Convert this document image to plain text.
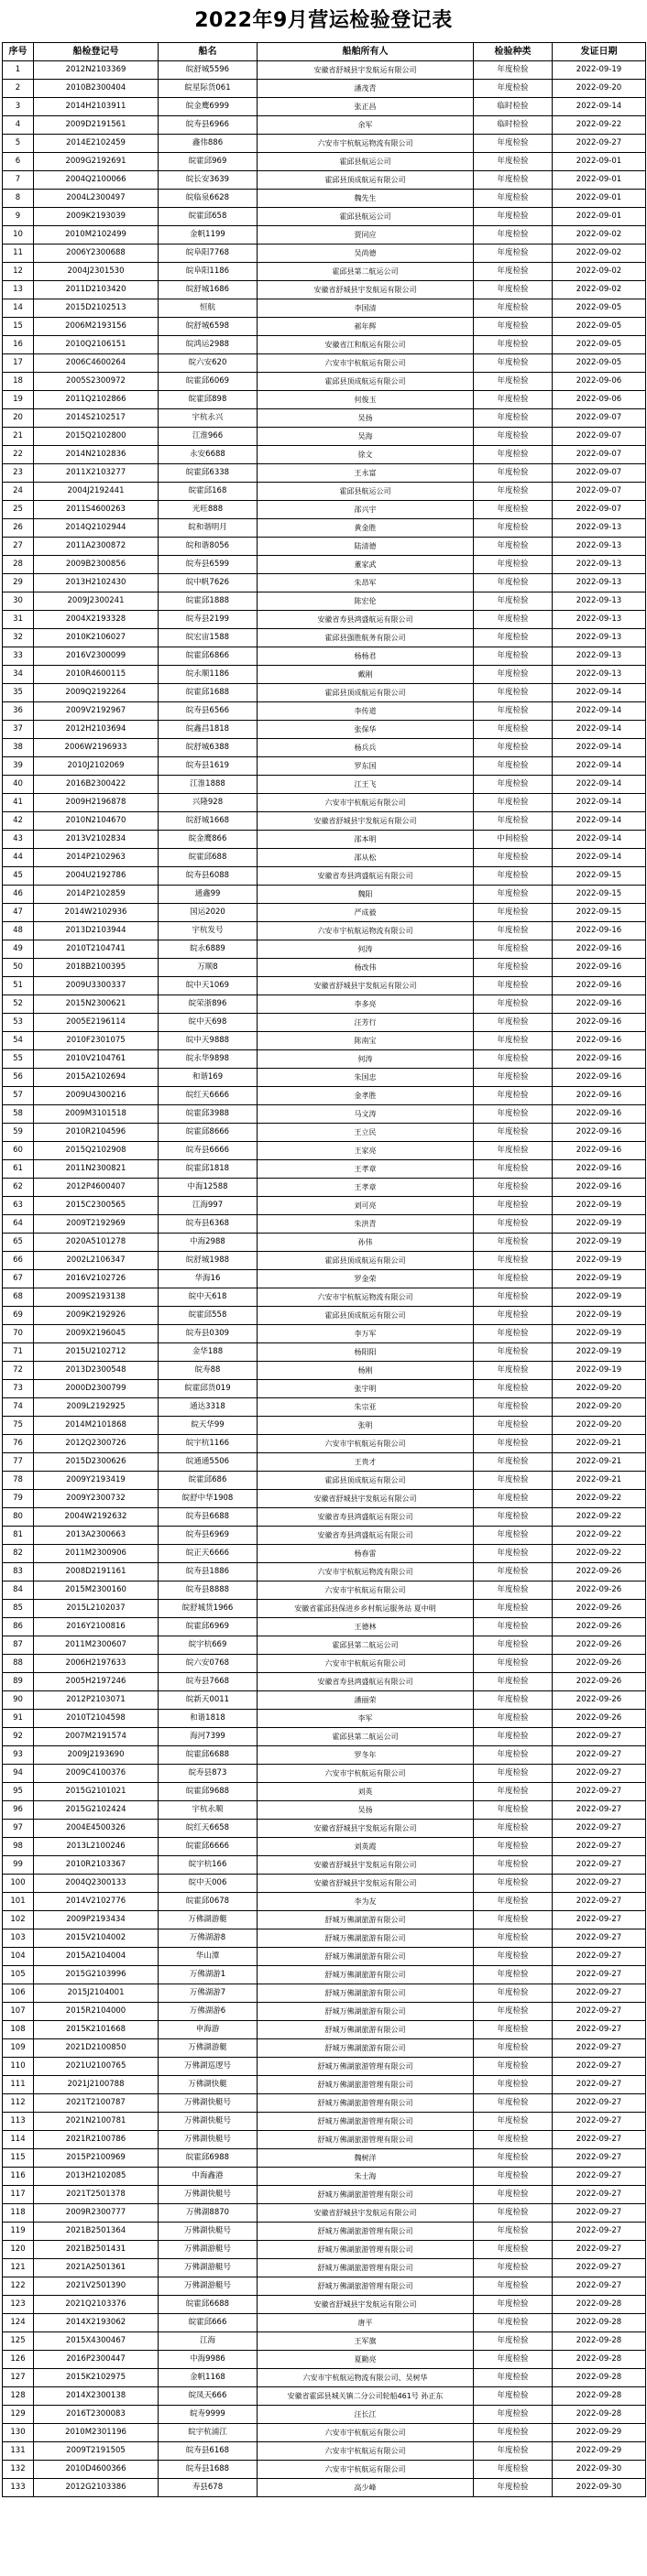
2022年9月营运检验登记表
序号	船检登记号	船名	船舶所有人	检验种类	发证日期
1	2012N2103369	皖舒城5596	安徽省舒城县宇发航运有限公司	年度检验	2022-09-19
2	2010B2300404	皖星际货061	潘茂青	年度检验	2022-09-20
3	2014H2103911	皖金鹰6999	张正昌	临时检验	2022-09-14
4	2009D2191561	皖寿县6966	余军	临时检验	2022-09-22
5	2014E2102459	鑫伟886	六安市宇杭航运物流有限公司	年度检验	2022-09-27
6	2009G2192691	皖霍邱969	霍邱县航运公司	年度检验	2022-09-01
7	2004Q2100066	皖长安3639	霍邱县顶成航运有限公司	年度检验	2022-09-01
8	2004L2300497	皖临泉6628	魏先生	年度检验	2022-09-01
9	2009K2193039	皖霍邱658	霍邱县航运公司	年度检验	2022-09-01
10	2010M2102499	金帆1199	贾同应	年度检验	2022-09-02
11	2006Y2300688	皖阜阳7768	吴尚德	年度检验	2022-09-02
12	2004J2301530	皖阜阳1186	霍邱县第二航运公司	年度检验	2022-09-02
13	2011D2103420	皖舒城1686	安徽省舒城县宇发航运有限公司	年度检验	2022-09-02
14	2015D2102513	恒航	李国清	年度检验	2022-09-05
15	2006M2193156	皖舒城6598	郝年辉	年度检验	2022-09-05
16	2010Q2106151	皖鸿运2988	安徽省江和航运有限公司	年度检验	2022-09-05
17	2006C4600264	皖六安620	六安市宇杭航运有限公司	年度检验	2022-09-05
18	2005S2300972	皖霍邱6069	霍邱县顶成航运有限公司	年度检验	2022-09-06
19	2011Q2102866	皖霍邱898	何俊玉	年度检验	2022-09-06
20	2014S2102517	宇杭永兴	吴扬	年度检验	2022-09-07
21	2015Q2102800	江淮966	吴海	年度检验	2022-09-07
22	2014N2102836	永安6688	徐文	年度检验	2022-09-07
23	2011X2103277	皖霍邱6338	王永富	年度检验	2022-09-07
24	2004J2192441	皖霍邱168	霍邱县航运公司	年度检验	2022-09-07
25	2011S4600263	光旺888	邵兴宇	年度检验	2022-09-07
26	2014Q2102944	皖和谐明月	黄金胜	年度检验	2022-09-13
27	2011A2300872	皖和谐8056	陆清德	年度检验	2022-09-13
28	2009B2300856	皖寿县6599	董家武	年度检验	2022-09-13
29	2013H2102430	皖中帆7626	朱昂军	年度检验	2022-09-13
30	2009J2300241	皖霍邱1888	陈宏伦	年度检验	2022-09-13
31	2004X2193328	皖寿县2199	安徽省寿县鸿盛航运有限公司	年度检验	2022-09-13
32	2010K2106027	皖宏宙1588	霍邱县强胜航务有限公司	年度检验	2022-09-13
33	2016V2300099	皖霍邱6866	杨杨君	年度检验	2022-09-13
34	2010R4600115	皖永顺1186	戴刚	年度检验	2022-09-13
35	2009Q2192264	皖霍邱1688	霍邱县顶成航运有限公司	年度检验	2022-09-14
36	2009V2192967	皖寿县6566	李传道	年度检验	2022-09-14
37	2012H2103694	皖鑫昌1818	张保华	年度检验	2022-09-14
38	2006W2196933	皖舒城6388	杨兵兵	年度检验	2022-09-14
39	2010J2102069	皖寿县1619	罗东国	年度检验	2022-09-14
40	2016B2300422	江淮1888	江王飞	年度检验	2022-09-14
41	2009H2196878	兴隆928	六安市宇杭航运有限公司	年度检验	2022-09-14
42	2010N2104670	皖舒城1668	安徽省舒城县宇发航运有限公司	年度检验	2022-09-14
43	2013V2102834	皖金鹰866	邵本明	中间检验	2022-09-14
44	2014P2102963	皖霍邱688	邵从松	年度检验	2022-09-14
45	2004U2192786	皖寿县6088	安徽省寿县鸿盛航运有限公司	年度检验	2022-09-15
46	2014P2102859	通鑫99	魏阳	年度检验	2022-09-15
47	2014W2102936	国运2020	严成毅	年度检验	2022-09-15
48	2013D2103944	宇杭发号	六安市宇杭航运物流有限公司	年度检验	2022-09-16
49	2010T2104741	皖永6889	何涛	年度检验	2022-09-16
50	2018B2100395	万顺8	杨改伟	年度检验	2022-09-16
51	2009U3300337	皖中天1069	安徽省舒城县宇发航运有限公司	年度检验	2022-09-16
52	2015N2300621	皖荣浙896	李多亮	年度检验	2022-09-16
53	2005E2196114	皖中天698	汪芳行	年度检验	2022-09-16
54	2010F2301075	皖中天9888	陈南宝	年度检验	2022-09-16
55	2010V2104761	皖永华9898	何涛	年度检验	2022-09-16
56	2015A2102694	和谐169	朱国忠	年度检验	2022-09-16
57	2009U4300216	皖红天6666	金孝胜	年度检验	2022-09-16
58	2009M3101518	皖霍邱3988	马文涛	年度检验	2022-09-16
59	2010R2104596	皖霍邱8666	王立民	年度检验	2022-09-16
60	2015Q2102908	皖寿县6666	王家亮	年度检验	2022-09-16
61	2011N2300821	皖霍邱1818	王孝章	年度检验	2022-09-16
62	2012P4600407	中海12588	王孝章	年度检验	2022-09-16
63	2015C2300565	江海997	刘可亮	年度检验	2022-09-19
64	2009T2192969	皖寿县6368	朱洪青	年度检验	2022-09-19
65	2020A5101278	中海2988	孙伟	年度检验	2022-09-19
66	2002L2106347	皖舒城1988	霍邱县顶成航运有限公司	年度检验	2022-09-19
67	2016V2102726	华海16	罗金荣	年度检验	2022-09-19
68	2009S2193138	皖中天618	六安市宇杭航运物流有限公司	年度检验	2022-09-19
69	2009K2192926	皖霍邱558	霍邱县顶成航运有限公司	年度检验	2022-09-19
70	2009X2196045	皖寿县0309	李万军	年度检验	2022-09-19
71	2015U2102712	金华188	杨阳阳	年度检验	2022-09-19
72	2013D2300548	皖寿88	杨刚	年度检验	2022-09-19
73	2000D2300799	皖霍邱货019	张宇明	年度检验	2022-09-20
74	2009L2192925	通达3318	朱宗亚	年度检验	2022-09-20
75	2014M2101868	皖天华99	张明	年度检验	2022-09-20
76	2012Q2300726	皖宇杭1166	六安市宇杭航运有限公司	年度检验	2022-09-21
77	2015D2300626	皖通通5506	王贵才	年度检验	2022-09-21
78	2009Y2193419	皖霍邱686	霍邱县顶成航运有限公司	年度检验	2022-09-21
79	2009Y2300732	皖舒中华1908	安徽省舒城县宇发航运有限公司	年度检验	2022-09-22
80	2004W2192632	皖寿县6688	安徽省寿县鸿盛航运有限公司	年度检验	2022-09-22
81	2013A2300663	皖寿县6969	安徽省寿县鸿盛航运有限公司	年度检验	2022-09-22
82	2011M2300906	皖正天6666	杨春雷	年度检验	2022-09-22
83	2008D2191161	皖寿县1886	六安市宇杭航运物流有限公司	年度检验	2022-09-26
84	2015M2300160	皖寿县8888	六安市宇杭航运有限公司	年度检验	2022-09-26
85	2015L2102037	皖舒城货1966	安徽省霍邱县保进乡乡村航运服务站 夏中明	年度检验	2022-09-26
86	2016Y2100816	皖霍邱6969	王德林	年度检验	2022-09-26
87	2011M2300607	皖宇杭669	霍邱县第二航运公司	年度检验	2022-09-26
88	2006H2197633	皖六安0768	六安市宇杭航运有限公司	年度检验	2022-09-26
89	2005H2197246	皖寿县7668	安徽省寿县鸿盛航运有限公司	年度检验	2022-09-26
90	2012P2103071	皖新天0011	潘丽荣	年度检验	2022-09-26
91	2010T2104598	和谐1818	李军	年度检验	2022-09-26
92	2007M2191574	海河7399	霍邱县第二航运公司	年度检验	2022-09-27
93	2009J2193690	皖霍邱6688	罗冬年	年度检验	2022-09-27
94	2009C4100376	皖寿县873	六安市宇杭航运有限公司	年度检验	2022-09-27
95	2015G2101021	皖霍邱9688	刘英	年度检验	2022-09-27
96	2015G2102424	宇杭永顺	吴扬	年度检验	2022-09-27
97	2004E4500326	皖红天6658	安徽省舒城县宇发航运有限公司	年度检验	2022-09-27
98	2013L2100246	皖霍邱6666	刘英霞	年度检验	2022-09-27
99	2010R2103367	皖宇杭166	安徽省舒城县宇发航运有限公司	年度检验	2022-09-27
100	2004Q2300133	皖中天006	安徽省舒城县宇发航运有限公司	年度检验	2022-09-27
101	2014V2102776	皖霍邱0678	李为友	年度检验	2022-09-27
102	2009P2193434	万佛湖游艇	舒城万佛湖旅游有限公司	年度检验	2022-09-27
103	2015V2104002	万佛湖游8	舒城万佛湖旅游有限公司	年度检验	2022-09-27
104	2015A2104004	华山潭	舒城万佛湖旅游有限公司	年度检验	2022-09-27
105	2015G2103996	万佛湖游1	舒城万佛湖旅游有限公司	年度检验	2022-09-27
106	2015J2104001	万佛湖游7	舒城万佛湖旅游有限公司	年度检验	2022-09-27
107	2015R2104000	万佛湖游6	舒城万佛湖旅游有限公司	年度检验	2022-09-27
108	2015K2101668	申海游	舒城万佛湖旅游有限公司	年度检验	2022-09-27
109	2021D2100850	万佛湖游艇	舒城万佛湖旅游有限公司	年度检验	2022-09-27
110	2021U2100765	万佛湖巡逻号	舒城万佛湖旅游管理有限公司	年度检验	2022-09-27
111	2021J2100788	万佛湖快艇	舒城万佛湖旅游管理有限公司	年度检验	2022-09-27
112	2021T2100787	万佛湖快艇号	舒城万佛湖旅游管理有限公司	年度检验	2022-09-27
113	2021N2100781	万佛湖快艇号	舒城万佛湖旅游管理有限公司	年度检验	2022-09-27
114	2021R2100786	万佛湖快艇号	舒城万佛湖旅游管理有限公司	年度检验	2022-09-27
115	2015P2100969	皖霍邱6988	魏树洋	年度检验	2022-09-27
116	2013H2102085	中海鑫港	朱士海	年度检验	2022-09-27
117	2021T2501378	万佛湖快艇号	舒城万佛湖旅游管理有限公司	年度检验	2022-09-27
118	2009R2300777	万佛湖8870	安徽省舒城县宇发航运有限公司	年度检验	2022-09-27
119	2021B2501364	万佛湖快艇号	舒城万佛湖旅游管理有限公司	年度检验	2022-09-27
120	2021B2501431	万佛湖游艇号	舒城万佛湖旅游管理有限公司	年度检验	2022-09-27
121	2021A2501361	万佛湖游艇号	舒城万佛湖旅游管理有限公司	年度检验	2022-09-27
122	2021V2501390	万佛湖游艇号	舒城万佛湖旅游管理有限公司	年度检验	2022-09-27
123	2021Q2103376	皖霍邱6688	安徽省舒城县宇发航运有限公司	年度检验	2022-09-28
124	2014X2193062	皖霍邱666	唐平	年度检验	2022-09-28
125	2015X4300467	江海	王军旗	年度检验	2022-09-28
126	2016P2300447	中海9986	夏勤亮	年度检验	2022-09-28
127	2015K2102975	金帆1168	六安市宇杭航运物流有限公司、吴树华	年度检验	2022-09-28
128	2014X2300138	皖凤天666	安徽省霍邱县城关镇二分公司轮船461号 孙正东	年度检验	2022-09-28
129	2016T2300083	皖寿9999	汪长江	年度检验	2022-09-28
130	2010M2301196	皖宇杭浦江	六安市宇杭航运有限公司	年度检验	2022-09-29
131	2009T2191505	皖寿县6168	六安市宇杭航运有限公司	年度检验	2022-09-29
132	2010D4600366	皖寿县1688	六安市宇杭航运有限公司	年度检验	2022-09-30
133	2012G2103386	寿县678	高少峰	年度检验	2022-09-30
